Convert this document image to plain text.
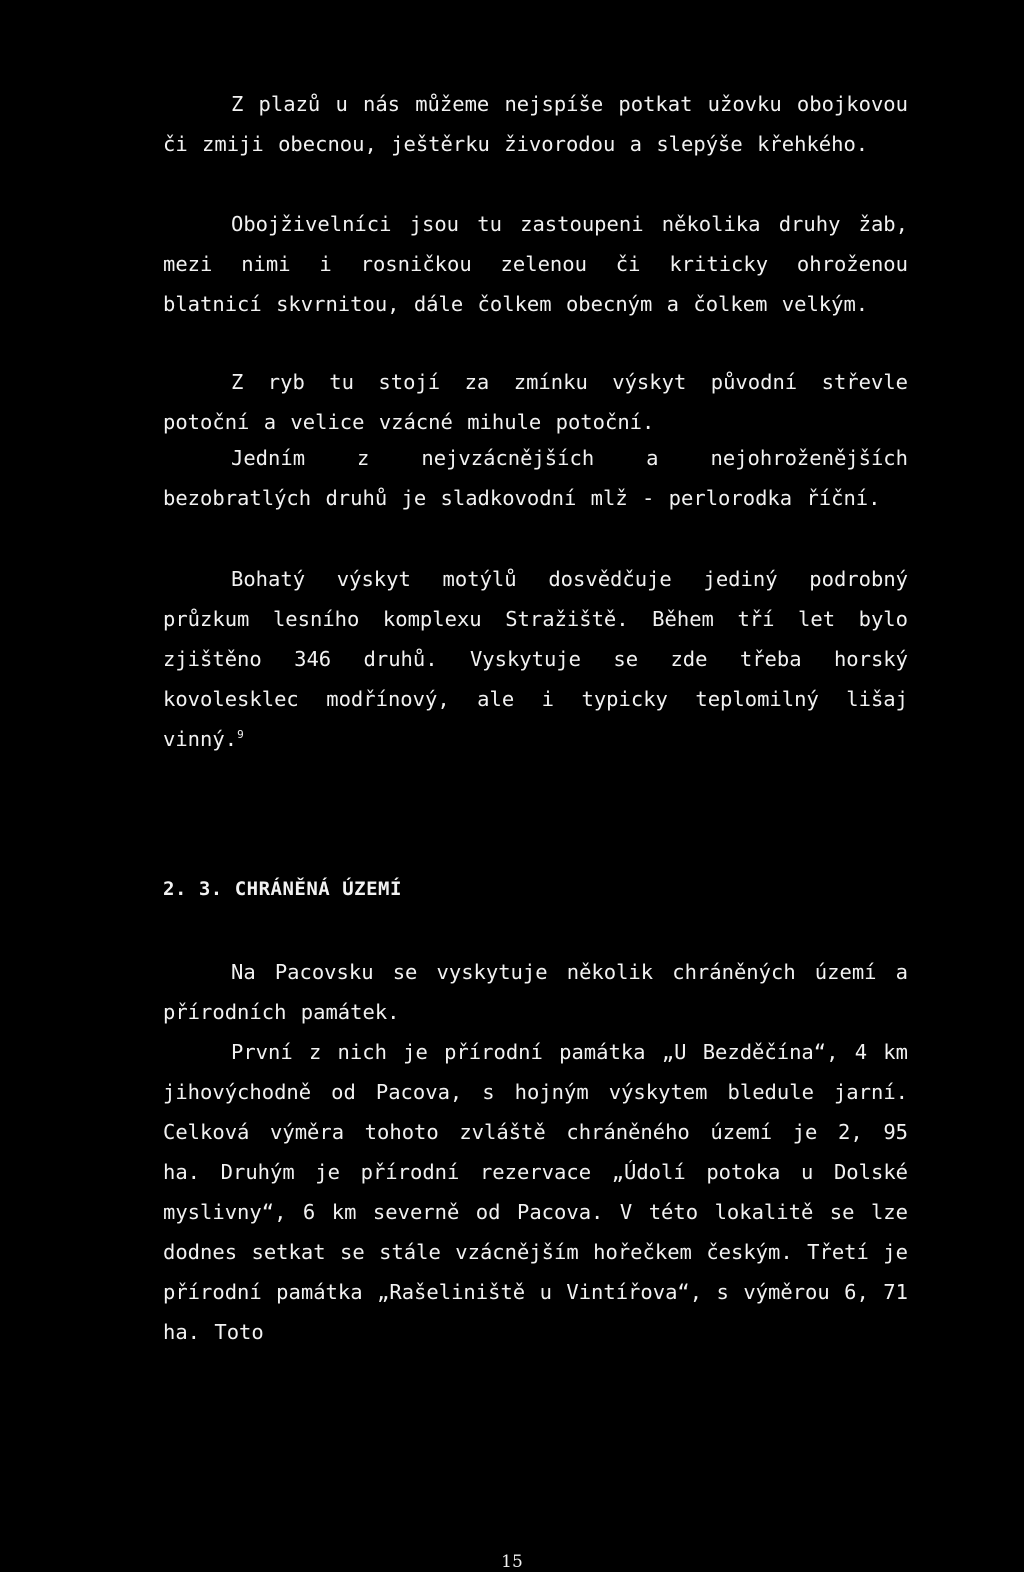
Z plazů u nás můžeme nejspíše potkat užovku obojkovou či zmiji obecnou, ještěrku živorodou a slepýše křehkého.

Obojživelníci jsou tu zastoupeni několika druhy žab, mezi nimi i rosničkou zelenou či kriticky ohroženou blatnicí skvrnitou, dále čolkem obecným a čolkem velkým.

Z ryb tu stojí za zmínku výskyt původní střevle potoční a velice vzácné mihule potoční.

Jedním z nejvzácnějších a nejohroženějších bezobratlých druhů je sladkovodní mlž - perlorodka říční.

Bohatý výskyt motýlů dosvědčuje jediný podrobný průzkum lesního komplexu Stražiště. Během tří let bylo zjištěno 346 druhů. Vyskytuje se zde třeba horský kovolesklec modřínový, ale i typicky teplomilný lišaj vinný.$^9$

2. 3. CHRÁNĚNÁ ÚZEMÍ

Na Pacovsku se vyskytuje několik chráněných území a přírodních památek.

První z nich je přírodní památka „U Bezděčína“, 4 km jihovýchodně od Pacova, s hojným výskytem bledule jarní. Celková výměra tohoto zvláště chráněného území je 2, 95 ha. Druhým je přírodní rezervace „Údolí potoka u Dolské myslivny“, 6 km severně od Pacova. V této lokalitě se lze dodnes setkat se stále vzácnějším hořečkem českým. Třetí je přírodní památka „Rašeliniště u Vintířova“, s výměrou 6, 71 ha. Toto

15
